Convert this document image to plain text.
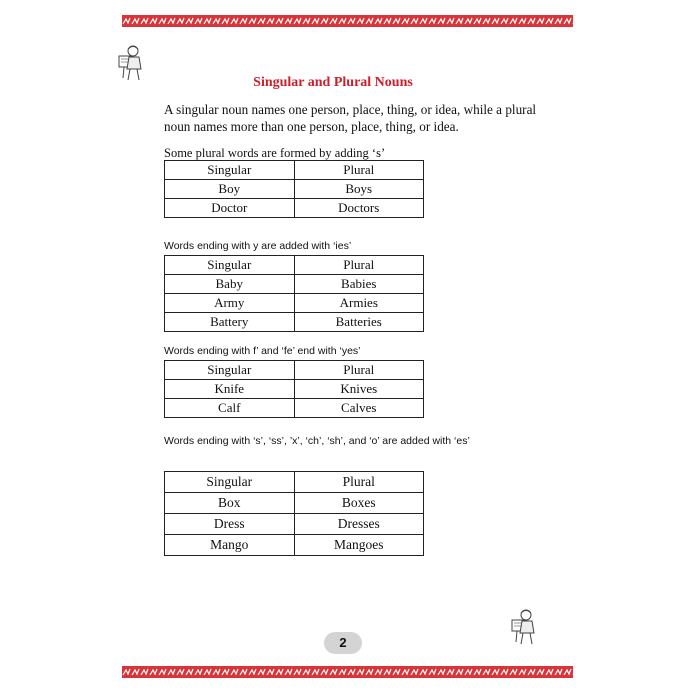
Singular and Plural Nouns
A singular noun names one person, place, thing, or idea, while a plural noun names more than one person, place, thing, or idea.
Some plural words are formed by adding ‘s’
Singular	Plural
Boy	Boys
Doctor	Doctors
Words ending with y are added with ‘ies’
Singular	Plural
Baby	Babies
Army	Armies
Battery	Batteries
Words ending with f’ and ‘fe’ end with ‘yes’
Singular	Plural
Knife	Knives
Calf	Calves
Words ending with ‘s’, ‘ss’, ’x’, ‘ch’, ‘sh’, and ‘o’ are added with ‘es’
Singular	Plural
Box	Boxes
Dress	Dresses
Mango	Mangoes
2
